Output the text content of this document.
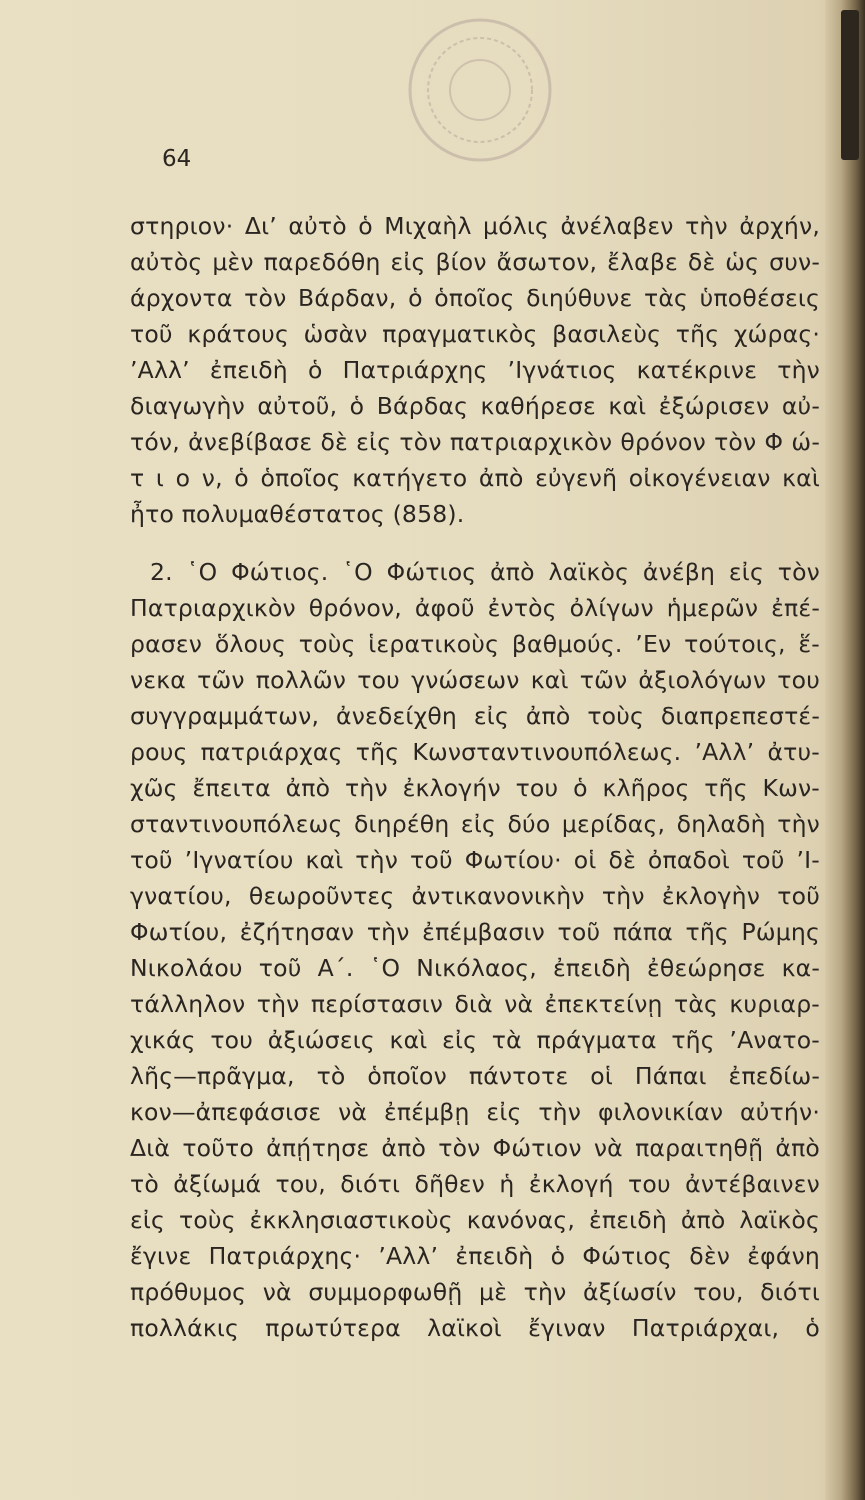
64
στηριον· Δι’ αὐτὸ ὁ Μιχαὴλ μόλις ἀνέλαβεν τὴν ἀρχήν,
αὐτὸς μὲν παρεδόθη εἰς βίον ἄσωτον, ἔλαβε δὲ ὡς συν-
άρχοντα τὸν Βάρδαν, ὁ ὁποῖος διηύθυνε τὰς ὑποθέσεις
τοῦ κράτους ὡσὰν πραγματικὸς βασιλεὺς τῆς χώρας·
’Αλλ’ ἐπειδὴ ὁ Πατριάρχης ’Ιγνάτιος κατέκρινε τὴν
διαγωγὴν αὐτοῦ, ὁ Βάρδας καθήρεσε καὶ ἐξώρισεν αὐ-
τόν, ἀνεβίβασε δὲ εἰς τὸν πατριαρχικὸν θρόνον τὸν Φ ώ-
τ ι ο ν, ὁ ὁποῖος κατήγετο ἀπὸ εὐγενῆ οἰκογένειαν καὶ
ἦτο πολυμαθέστατος (858).
2. ῾Ο Φώτιος. ῾Ο Φώτιος ἀπὸ λαϊκὸς ἀνέβη εἰς τὸν
Πατριαρχικὸν θρόνον, ἀφοῦ ἐντὸς ὀλίγων ἡμερῶν ἐπέ-
ρασεν ὅλους τοὺς ἱερατικοὺς βαθμούς. ’Εν τούτοις, ἕ-
νεκα τῶν πολλῶν του γνώσεων καὶ τῶν ἀξιολόγων του
συγγραμμάτων, ἀνεδείχθη εἰς ἀπὸ τοὺς διαπρεπεστέ-
ρους πατριάρχας τῆς Κωνσταντινουπόλεως. ’Αλλ’ ἀτυ-
χῶς ἔπειτα ἀπὸ τὴν ἐκλογήν του ὁ κλῆρος τῆς Κων-
σταντινουπόλεως διηρέθη εἰς δύο μερίδας, δηλαδὴ τὴν
τοῦ ’Ιγνατίου καὶ τὴν τοῦ Φωτίου· οἱ δὲ ὀπαδοὶ τοῦ ’Ι-
γνατίου, θεωροῦντες ἀντικανονικὴν τὴν ἐκλογὴν τοῦ
Φωτίου, ἐζήτησαν τὴν ἐπέμβασιν τοῦ πάπα τῆς Ρώμης
Νικολάου τοῦ Α΄. ῾Ο Νικόλαος, ἐπειδὴ ἐθεώρησε κα-
τάλληλον τὴν περίστασιν διὰ νὰ ἐπεκτείνῃ τὰς κυριαρ-
χικάς του ἀξιώσεις καὶ εἰς τὰ πράγματα τῆς ’Ανατο-
λῆς—πρᾶγμα, τὸ ὁποῖον πάντοτε οἱ Πάπαι ἐπεδίω-
κον—ἀπεφάσισε νὰ ἐπέμβῃ εἰς τὴν φιλονικίαν αὐτήν·
Διὰ τοῦτο ἀπῄτησε ἀπὸ τὸν Φώτιον νὰ παραιτηθῇ ἀπὸ
τὸ ἀξίωμά του, διότι δῆθεν ἡ ἐκλογή του ἀντέβαινεν
εἰς τοὺς ἐκκλησιαστικοὺς κανόνας, ἐπειδὴ ἀπὸ λαϊκὸς
ἔγινε Πατριάρχης· ’Αλλ’ ἐπειδὴ ὁ Φώτιος δὲν ἐφάνη
πρόθυμος νὰ συμμορφωθῇ μὲ τὴν ἀξίωσίν του, διότι
πολλάκις πρωτύτερα λαϊκοὶ ἔγιναν Πατριάρχαι, ὁ
